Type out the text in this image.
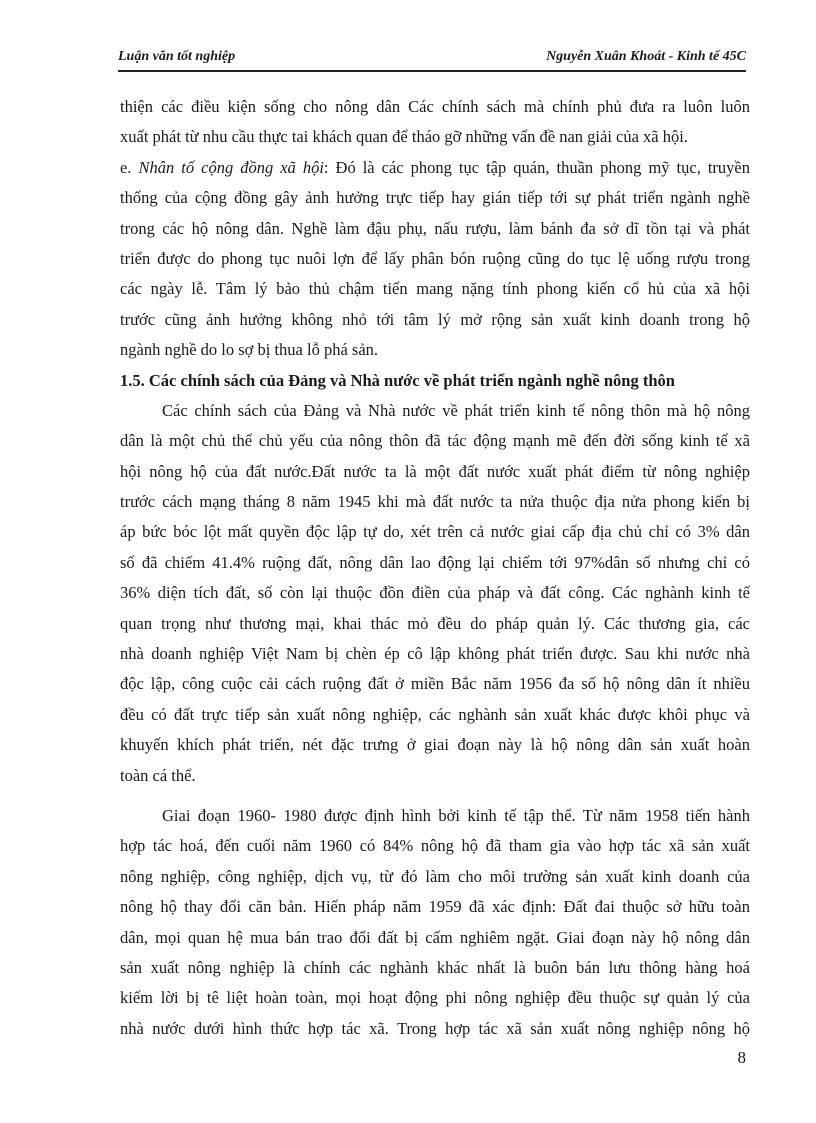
Luận văn tốt nghiệp	Nguyễn Xuân Khoát - Kinh tế 45C
thiện các điều kiện sống cho nông dân Các chính sách mà chính phủ đưa ra luôn luôn
xuất phát từ nhu cầu thực tai khách quan để tháo gỡ những vấn đề nan giải của xã hội.
e. Nhân tố cộng đồng xã hội: Đó là các phong tục tập quán, thuần phong mỹ tục, truyền
thống của cộng đồng gây ảnh hưởng trực tiếp hay gián tiếp tới sự phát triển ngành nghề
trong các hộ nông dân. Nghề làm đậu phụ, nấu rượu, làm bánh đa sở dĩ tồn tại và phát
triển được do phong tục nuôi lợn để lấy phân bón ruộng cũng do tục lệ uống rượu trong
các ngày lễ. Tâm lý bảo thủ chậm tiến mang nặng tính phong kiến cổ hủ của xã hội
trước cũng ảnh hưởng không nhỏ tới tâm lý mở rộng sản xuất kinh doanh trong hộ
ngành nghề do lo sợ bị thua lỗ phá sản.
1.5. Các chính sách của Đảng và Nhà nước về phát triển ngành nghề nông thôn
Các chính sách của Đảng và Nhà nước về phát triển kinh tế nông thôn mà hộ nông
dân là một chủ thể chủ yếu của nông thôn đã tác động mạnh mẽ đến đời sống kinh tế xã
hội nông hộ của đất nước.Đất nước ta là một đất nước xuất phát điểm từ nông nghiệp
trước cách mạng tháng 8 năm 1945 khi mà đất nước ta nửa thuộc địa nửa phong kiến bị
áp bức bóc lột mất quyền độc lập tự do, xét trên cả nước giai cấp địa chủ chỉ có 3% dân
số đã chiếm 41.4% ruộng đất, nông dân lao động lại chiếm tới 97%dân số nhưng chỉ có
36% diện tích đất, số còn lại thuộc đồn điền của pháp và đất công. Các nghành kinh tế
quan trọng như thương mại, khai thác mỏ đều do pháp quản lý. Các thương gia, các
nhà doanh nghiệp Việt Nam bị chèn ép cô lập không phát triển được. Sau khi nước nhà
độc lập, công cuộc cải cách ruộng đất ở miền Bắc năm 1956 đa số hộ nông dân ít nhiều
đều có đất trực tiếp sản xuất nông nghiệp, các nghành sản xuất khác được khôi phục và
khuyến khích phát triển, nét đặc trưng ở giai đoạn này là hộ nông dân sản xuất hoàn
toàn cá thể.
Giai đoạn 1960- 1980 được định hình bởi kinh tế tập thể. Từ năm 1958 tiến hành
hợp tác hoá, đến cuối năm 1960 có 84% nông hộ đã tham gia vào hợp tác xã sản xuất
nông nghiệp, công nghiệp, dịch vụ, từ đó làm cho môi trường sản xuất kinh doanh của
nông hộ thay đổi căn bản. Hiến pháp năm 1959 đã xác định: Đất đai thuộc sở hữu toàn
dân, mọi quan hệ mua bán trao đổi đất bị cấm nghiêm ngặt. Giai đoạn này hộ nông dân
sản xuất nông nghiệp là chính các nghành khác nhất là buôn bán lưu thông hàng hoá
kiếm lời bị tê liệt hoàn toàn, mọi hoạt động phi nông nghiệp đều thuộc sự quản lý của
nhà nước dưới hình thức hợp tác xã. Trong hợp tác xã sản xuất nông nghiệp nông hộ
8
